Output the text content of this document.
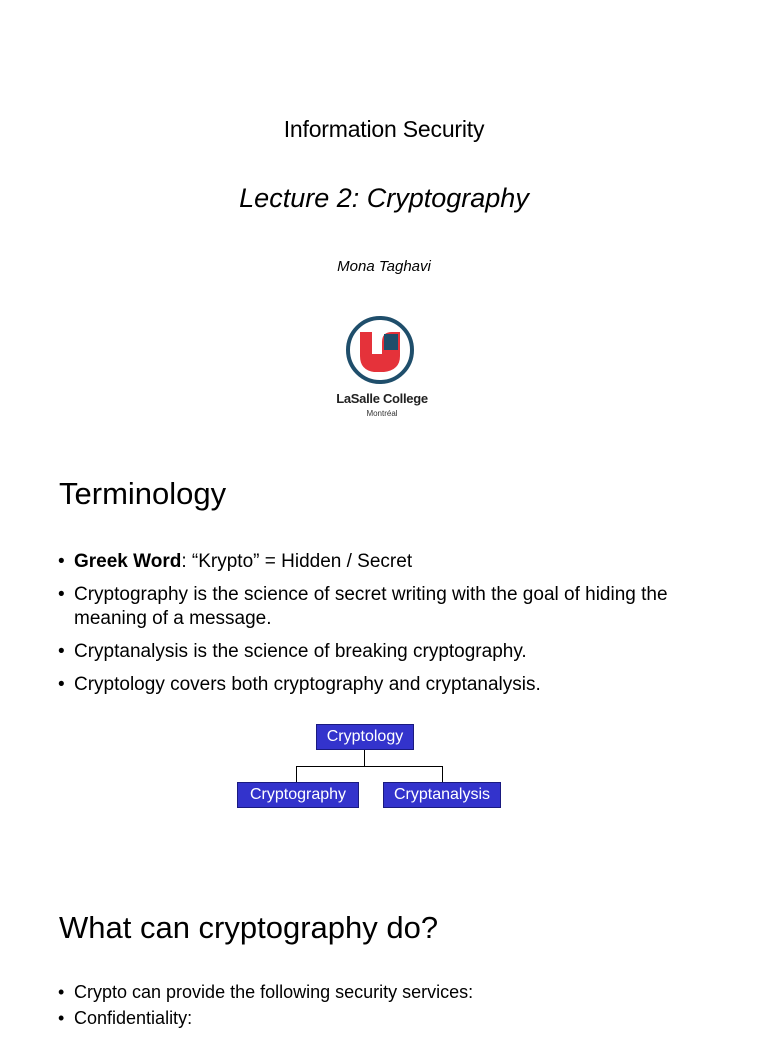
Information Security
Lecture 2: Cryptography
Mona Taghavi
LaSalle College
Montréal
Terminology
• Greek Word: “Krypto” = Hidden / Secret
• Cryptography is the science of secret writing with the goal of hiding the meaning of a message.
• Cryptanalysis is the science of breaking cryptography.
• Cryptology covers both cryptography and cryptanalysis.
Cryptology
Cryptography	Cryptanalysis
What can cryptography do?
• Crypto can provide the following security services:
• Confidentiality:
